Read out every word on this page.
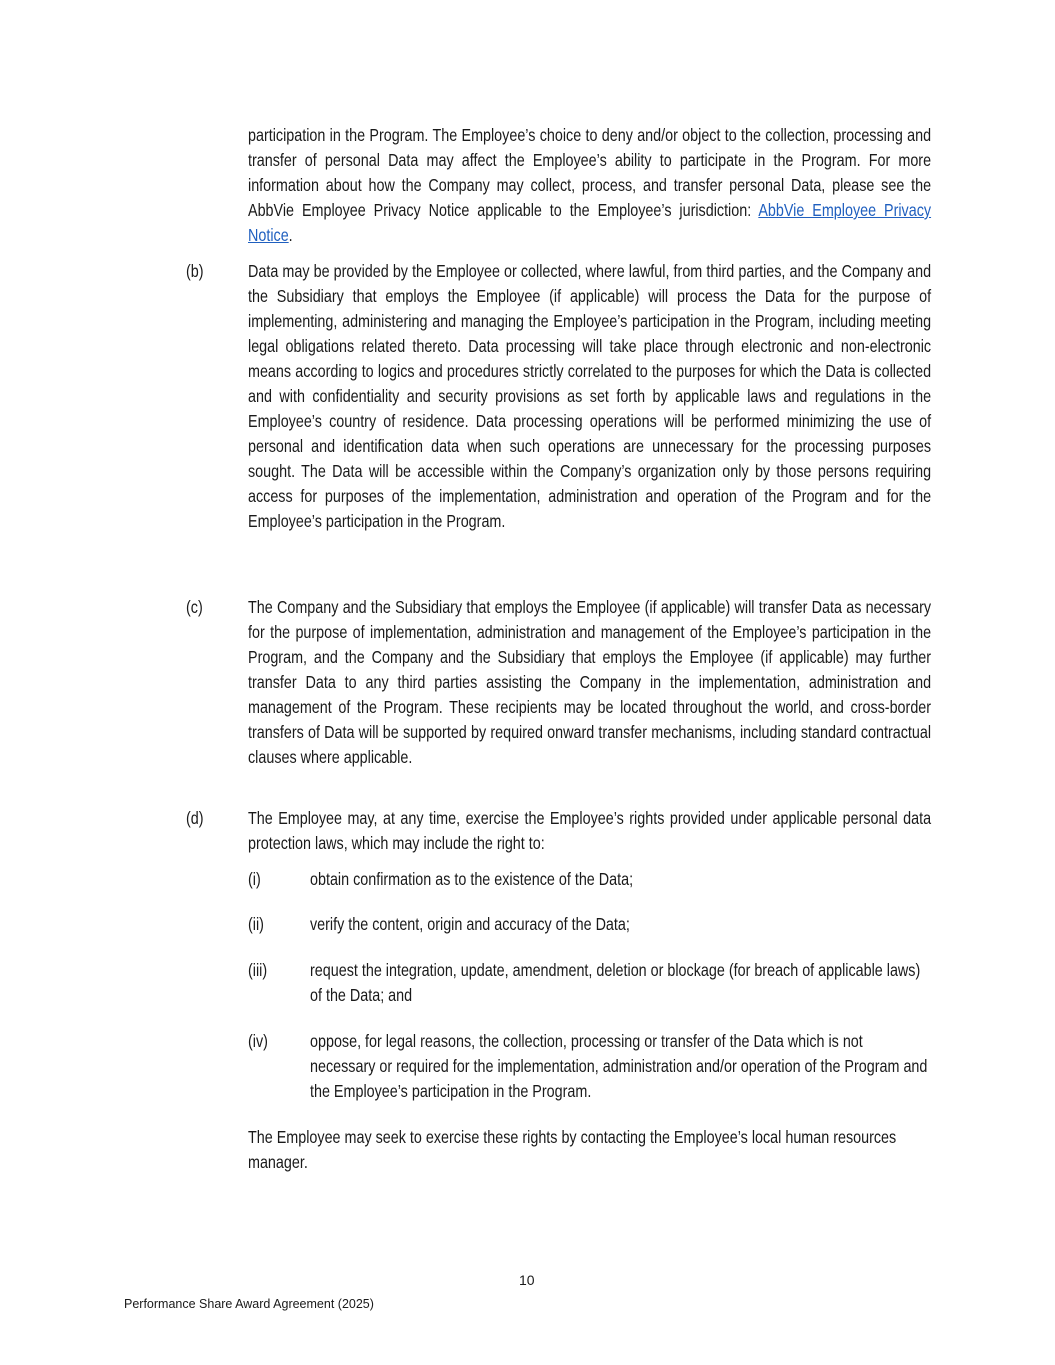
participation in the Program. The Employee’s choice to deny and/or object to the collection, processing and transfer of personal Data may affect the Employee’s ability to participate in the Program. For more information about how the Company may collect, process, and transfer personal Data, please see the AbbVie Employee Privacy Notice applicable to the Employee’s jurisdiction: AbbVie Employee Privacy Notice.
(b)	Data may be provided by the Employee or collected, where lawful, from third parties, and the Company and the Subsidiary that employs the Employee (if applicable) will process the Data for the purpose of implementing, administering and managing the Employee’s participation in the Program, including meeting legal obligations related thereto. Data processing will take place through electronic and non-electronic means according to logics and procedures strictly correlated to the purposes for which the Data is collected and with confidentiality and security provisions as set forth by applicable laws and regulations in the Employee’s country of residence. Data processing operations will be performed minimizing the use of personal and identification data when such operations are unnecessary for the processing purposes sought. The Data will be accessible within the Company’s organization only by those persons requiring access for purposes of the implementation, administration and operation of the Program and for the Employee’s participation in the Program.
(c)	The Company and the Subsidiary that employs the Employee (if applicable) will transfer Data as necessary for the purpose of implementation, administration and management of the Employee’s participation in the Program, and the Company and the Subsidiary that employs the Employee (if applicable) may further transfer Data to any third parties assisting the Company in the implementation, administration and management of the Program. These recipients may be located throughout the world, and cross-border transfers of Data will be supported by required onward transfer mechanisms, including standard contractual clauses where applicable.
(d)	The Employee may, at any time, exercise the Employee’s rights provided under applicable personal data protection laws, which may include the right to:
(i)	obtain confirmation as to the existence of the Data;
(ii)	verify the content, origin and accuracy of the Data;
(iii) request the integration, update, amendment, deletion or blockage (for breach of applicable laws) of the Data; and
(iv) oppose, for legal reasons, the collection, processing or transfer of the Data which is not necessary or required for the implementation, administration and/or operation of the Program and the Employee’s participation in the Program.
The Employee may seek to exercise these rights by contacting the Employee’s local human resources manager.
10
Performance Share Award Agreement (2025)
